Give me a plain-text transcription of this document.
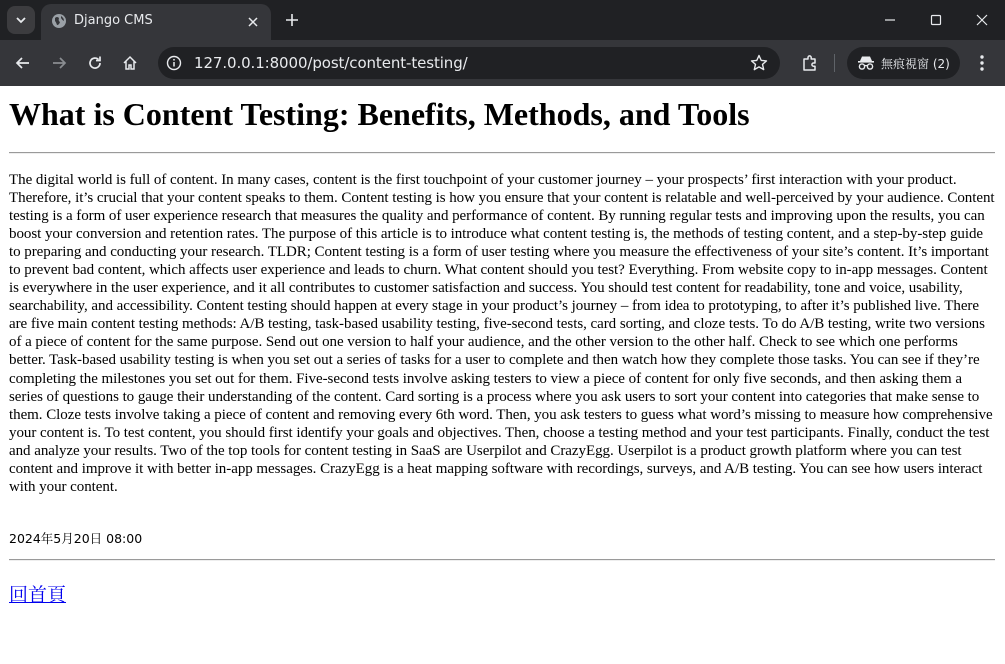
Django CMS
127.0.0.1:8000/post/content-testing/	無痕視窗 (2)
What is Content Testing: Benefits, Methods, and Tools

The digital world is full of content. In many cases, content is the first touchpoint of your customer journey – your prospects’ first interaction with your product. Therefore, it’s crucial that your content speaks to them. Content testing is how you ensure that your content is relatable and well-perceived by your audience. Content testing is a form of user experience research that measures the quality and performance of content. By running regular tests and improving upon the results, you can boost your conversion and retention rates. The purpose of this article is to introduce what content testing is, the methods of testing content, and a step-by-step guide to preparing and conducting your research. TLDR; Content testing is a form of user testing where you measure the effectiveness of your site’s content. It’s important to prevent bad content, which affects user experience and leads to churn. What content should you test? Everything. From website copy to in-app messages. Content is everywhere in the user experience, and it all contributes to customer satisfaction and success. You should test content for readability, tone and voice, usability, searchability, and accessibility. Content testing should happen at every stage in your product’s journey – from idea to prototyping, to after it’s published live. There are five main content testing methods: A/B testing, task-based usability testing, five-second tests, card sorting, and cloze tests. To do A/B testing, write two versions of a piece of content for the same purpose. Send out one version to half your audience, and the other version to the other half. Check to see which one performs better. Task-based usability testing is when you set out a series of tasks for a user to complete and then watch how they complete those tasks. You can see if they’re completing the milestones you set out for them. Five-second tests involve asking testers to view a piece of content for only five seconds, and then asking them a series of questions to gauge their understanding of the content. Card sorting is a process where you ask users to sort your content into categories that make sense to them. Cloze tests involve taking a piece of content and removing every 6th word. Then, you ask testers to guess what word’s missing to measure how comprehensive your content is. To test content, you should first identify your goals and objectives. Then, choose a testing method and your test participants. Finally, conduct the test and analyze your results. Two of the top tools for content testing in SaaS are Userpilot and CrazyEgg. Userpilot is a product growth platform where you can test content and improve it with better in-app messages. CrazyEgg is a heat mapping software with recordings, surveys, and A/B testing. You can see how users interact with your content.

2024年5月20日 08:00
回首頁
